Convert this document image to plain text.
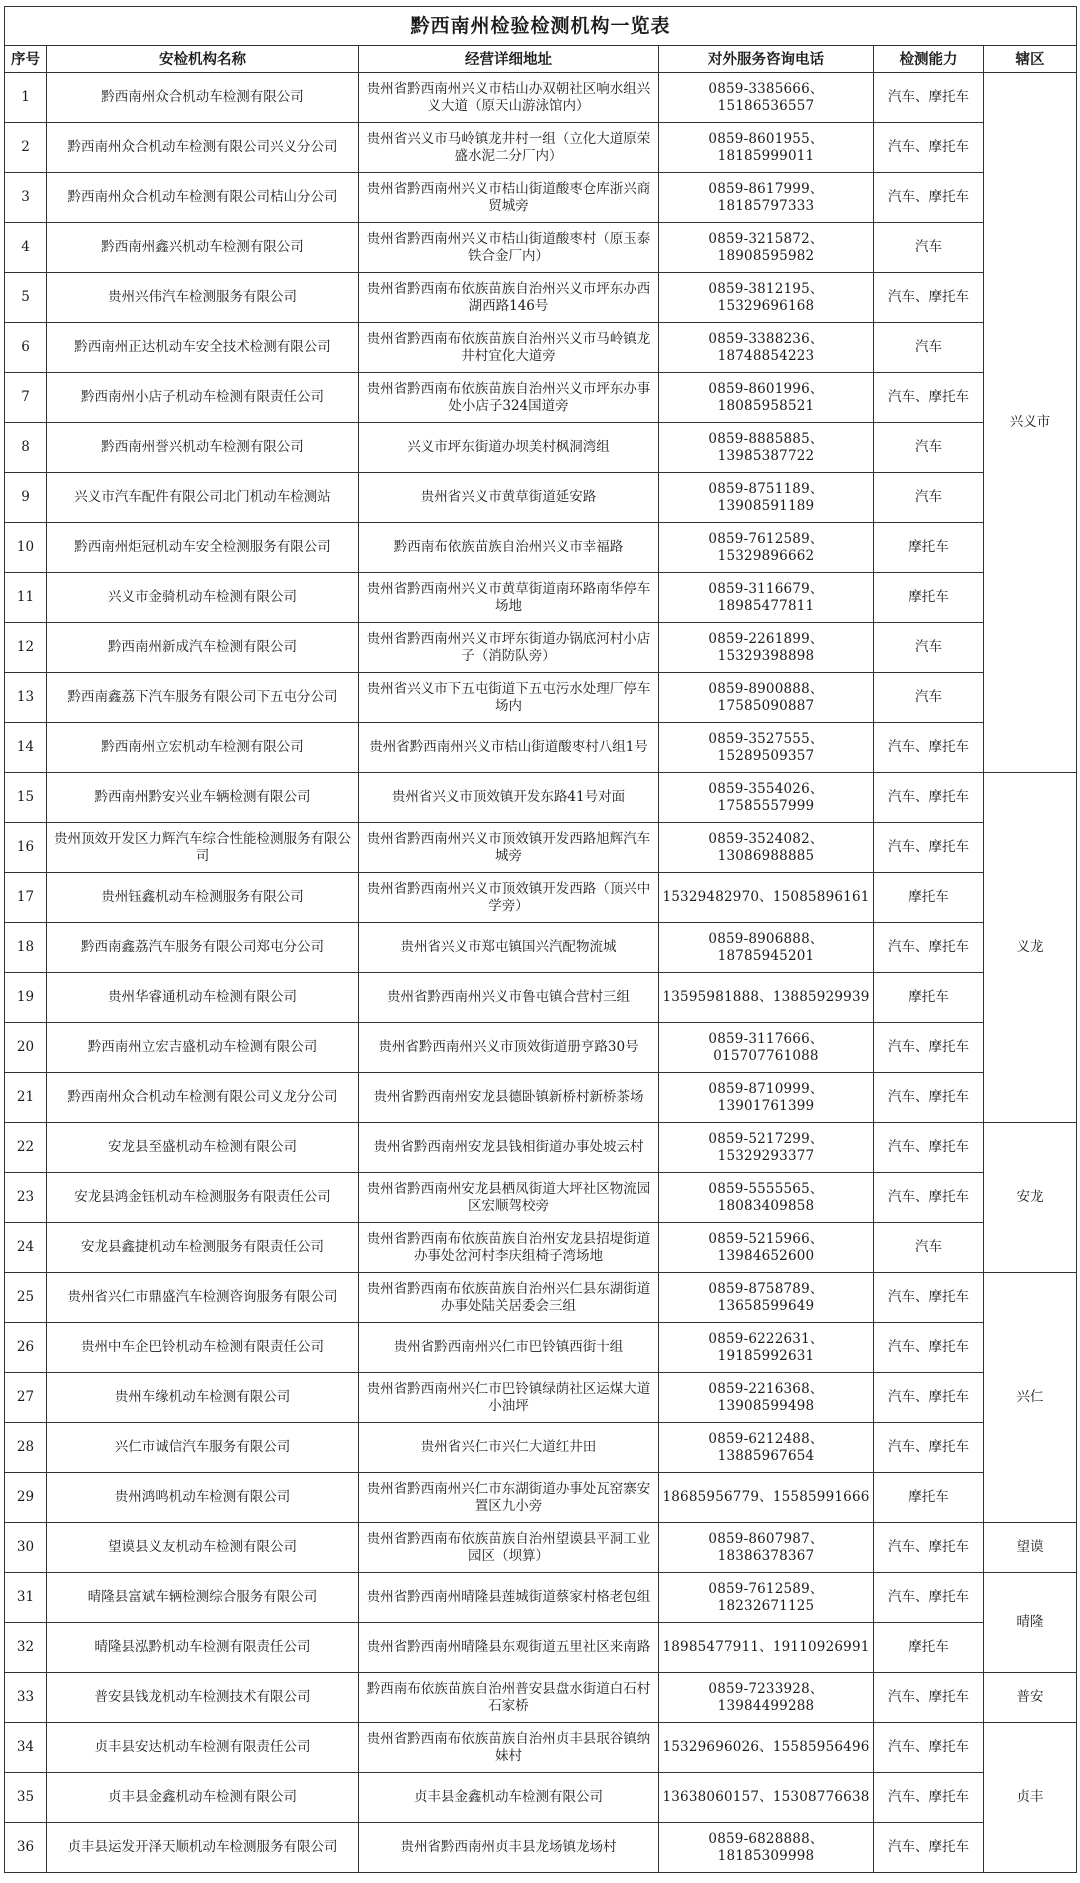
黔西南州检验检测机构一览表					
序号	安检机构名称	经营详细地址	对外服务咨询电话	检测能力	辖区
1	黔西南州众合机动车检测有限公司	贵州省黔西南州兴义市桔山办双朝社区响水组兴义大道（原天山游泳馆内）	0859-3385666、15186536557	汽车、摩托车	兴义市
2	黔西南州众合机动车检测有限公司兴义分公司	贵州省兴义市马岭镇龙井村一组（立化大道原荣盛水泥二分厂内）	0859-8601955、18185999011	汽车、摩托车	
3	黔西南州众合机动车检测有限公司桔山分公司	贵州省黔西南州兴义市桔山街道酸枣仓库浙兴商贸城旁	0859-8617999、18185797333	汽车、摩托车	
4	黔西南州鑫兴机动车检测有限公司	贵州省黔西南州兴义市桔山街道酸枣村（原玉泰铁合金厂内）	0859-3215872、18908595982	汽车	
5	贵州兴伟汽车检测服务有限公司	贵州省黔西南布依族苗族自治州兴义市坪东办西湖西路146号	0859-3812195、15329696168	汽车、摩托车	
6	黔西南州正达机动车安全技术检测有限公司	贵州省黔西南布依族苗族自治州兴义市马岭镇龙井村宜化大道旁	0859-3388236、18748854223	汽车	
7	黔西南州小店子机动车检测有限责任公司	贵州省黔西南布依族苗族自治州兴义市坪东办事处小店子324国道旁	0859-8601996、18085958521	汽车、摩托车	
8	黔西南州誉兴机动车检测有限公司	兴义市坪东街道办坝美村枫洞湾组	0859-8885885、13985387722	汽车	
9	兴义市汽车配件有限公司北门机动车检测站	贵州省兴义市黄草街道延安路	0859-8751189、13908591189	汽车	
10	黔西南州炬冠机动车安全检测服务有限公司	黔西南布依族苗族自治州兴义市幸福路	0859-7612589、15329896662	摩托车	
11	兴义市金骑机动车检测有限公司	贵州省黔西南州兴义市黄草街道南环路南华停车场地	0859-3116679、18985477811	摩托车	
12	黔西南州新成汽车检测有限公司	贵州省黔西南州兴义市坪东街道办锅底河村小店子（消防队旁）	0859-2261899、15329398898	汽车	
13	黔西南鑫荔下汽车服务有限公司下五屯分公司	贵州省兴义市下五屯街道下五屯污水处理厂停车场内	0859-8900888、17585090887	汽车	
14	黔西南州立宏机动车检测有限公司	贵州省黔西南州兴义市桔山街道酸枣村八组1号	0859-3527555、15289509357	汽车、摩托车	
15	黔西南州黔安兴业车辆检测有限公司	贵州省兴义市顶效镇开发东路41号对面	0859-3554026、17585557999	汽车、摩托车	义龙
16	贵州顶效开发区力辉汽车综合性能检测服务有限公司	贵州省黔西南州兴义市顶效镇开发西路旭辉汽车城旁	0859-3524082、13086988885	汽车、摩托车	
17	贵州钰鑫机动车检测服务有限公司	贵州省黔西南州兴义市顶效镇开发西路（顶兴中学旁）	15329482970、15085896161	摩托车	
18	黔西南鑫荔汽车服务有限公司郑屯分公司	贵州省兴义市郑屯镇国兴汽配物流城	0859-8906888、18785945201	汽车、摩托车	
19	贵州华睿通机动车检测有限公司	贵州省黔西南州兴义市鲁屯镇合营村三组	13595981888、13885929939	摩托车	
20	黔西南州立宏吉盛机动车检测有限公司	贵州省黔西南州兴义市顶效街道册亨路30号	0859-3117666、015707761088	汽车、摩托车	
21	黔西南州众合机动车检测有限公司义龙分公司	贵州省黔西南州安龙县德卧镇新桥村新桥茶场	0859-8710999、13901761399	汽车、摩托车	
22	安龙县至盛机动车检测有限公司	贵州省黔西南州安龙县钱相街道办事处坡云村	0859-5217299、15329293377	汽车、摩托车	安龙
23	安龙县鸿金钰机动车检测服务有限责任公司	贵州省黔西南州安龙县栖凤街道大坪社区物流园区宏顺驾校旁	0859-5555565、18083409858	汽车、摩托车	
24	安龙县鑫捷机动车检测服务有限责任公司	贵州省黔西南布依族苗族自治州安龙县招堤街道办事处岔河村李庆组椅子湾场地	0859-5215966、13984652600	汽车	
25	贵州省兴仁市鼎盛汽车检测咨询服务有限公司	贵州省黔西南布依族苗族自治州兴仁县东湖街道办事处陆关居委会三组	0859-8758789、13658599649	汽车、摩托车	兴仁
26	贵州中车企巴铃机动车检测有限责任公司	贵州省黔西南州兴仁市巴铃镇西街十组	0859-6222631、19185992631	汽车、摩托车	
27	贵州车缘机动车检测有限公司	贵州省黔西南州兴仁市巴铃镇绿荫社区运煤大道小油坪	0859-2216368、13908599498	汽车、摩托车	
28	兴仁市诚信汽车服务有限公司	贵州省兴仁市兴仁大道红井田	0859-6212488、13885967654	汽车、摩托车	
29	贵州鸿鸣机动车检测有限公司	贵州省黔西南州兴仁市东湖街道办事处瓦窑寨安置区九小旁	18685956779、15585991666	摩托车	
30	望谟县义友机动车检测有限公司	贵州省黔西南布依族苗族自治州望谟县平洞工业园区（坝算）	0859-8607987、18386378367	汽车、摩托车	望谟
31	晴隆县富斌车辆检测综合服务有限公司	贵州省黔西南州晴隆县莲城街道蔡家村格老包组	0859-7612589、18232671125	汽车、摩托车	晴隆
32	晴隆县泓黔机动车检测有限责任公司	贵州省黔西南州晴隆县东观街道五里社区来南路	18985477911、19110926991	摩托车	
33	普安县钱龙机动车检测技术有限公司	黔西南布依族苗族自治州普安县盘水街道白石村石家桥	0859-7233928、13984499288	汽车、摩托车	普安
34	贞丰县安达机动车检测有限责任公司	贵州省黔西南布依族苗族自治州贞丰县珉谷镇纳妹村	15329696026、15585956496	汽车、摩托车	贞丰
35	贞丰县金鑫机动车检测有限公司	贞丰县金鑫机动车检测有限公司	13638060157、15308776638	汽车、摩托车	
36	贞丰县运发开泽天顺机动车检测服务有限公司	贵州省黔西南州贞丰县龙场镇龙场村	0859-6828888、18185309998	汽车、摩托车	
